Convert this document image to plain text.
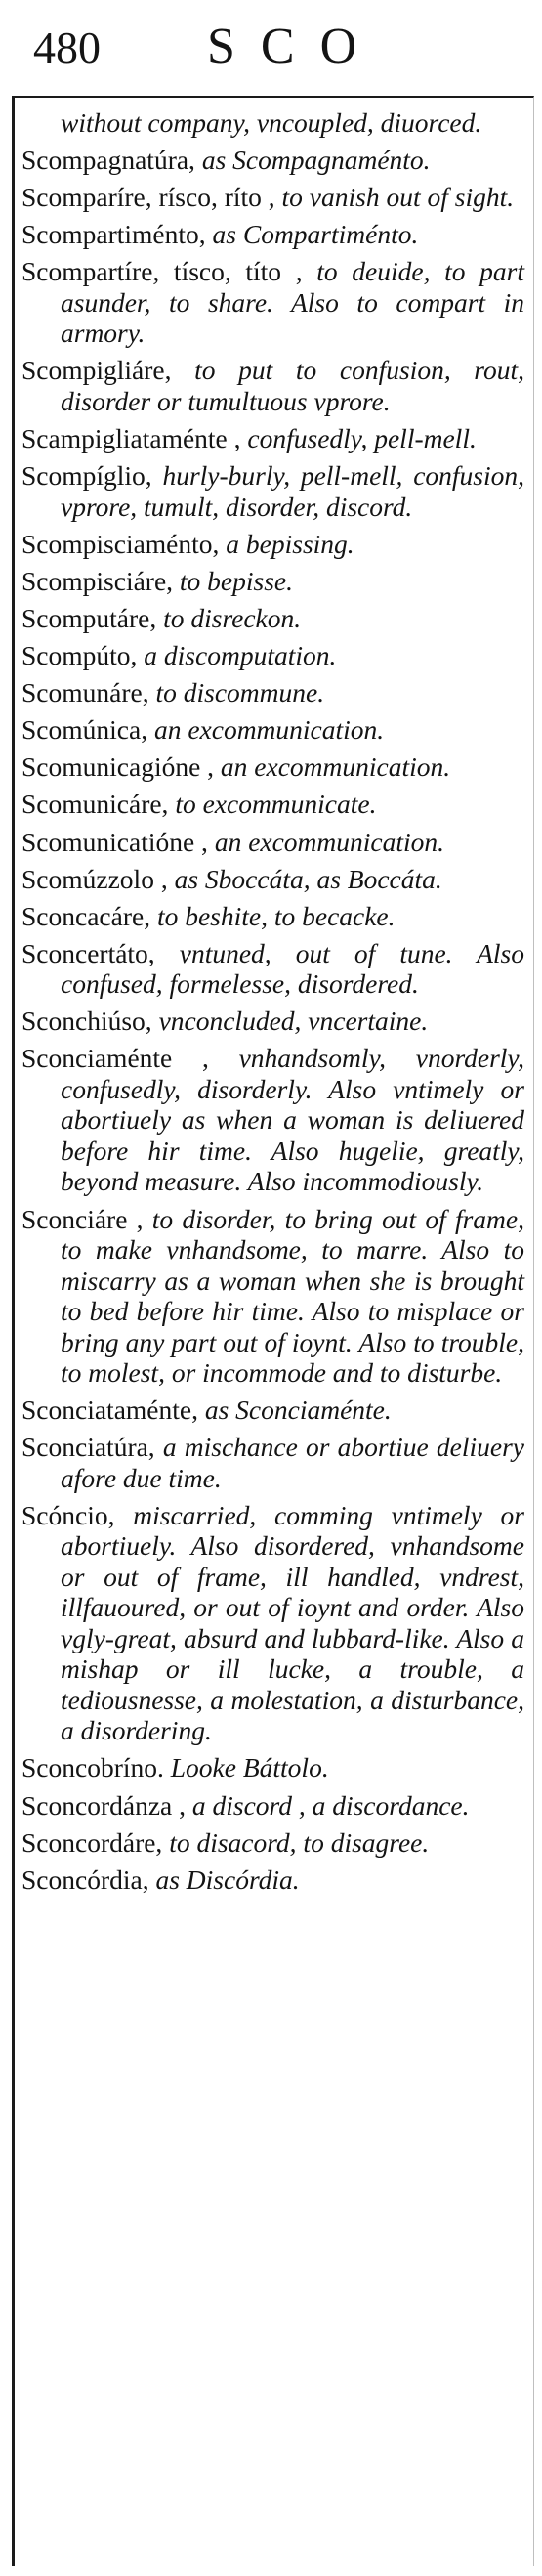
480 SCO

without company, vncoupled, diuorced.

Scompagnatúra, as Scompagnaménto.

Scomparíre, rísco, ríto , to vanish out of sight.

Scompartiménto, as Compartiménto.

Scompartíre, tísco, títo , to deuide, to part asunder, to share. Also to compart in armory.

Scompigliáre, to put to confusion, rout, disorder or tumultuous vprore.

Scampigliataménte , confusedly, pell-mell.

Scompíglio, hurly-burly, pell-mell, confusion, vprore, tumult, disorder, discord.

Scompisciaménto, a bepissing.

Scompisciáre, to bepisse.

Scomputáre, to disreckon.

Scompúto, a discomputation.

Scomunáre, to discommune.

Scomúnica, an excommunication.

Scomunicagióne , an excommunication.

Scomunicáre, to excommunicate.

Scomunicatióne , an excommunication.

Scomúzzolo , as Sboccáta, as Boccáta.

Sconcacáre, to beshite, to becacke.

Sconcertáto, vntuned, out of tune. Also confused, formelesse, disordered.

Sconchiúso, vnconcluded, vncertaine.

Sconciaménte , vnhandsomly, vnorderly, confusedly, disorderly. Also vntimely or abortiuely as when a woman is deliuered before hir time. Also hugelie, greatly, beyond measure. Also incommodiously.

Sconciáre , to disorder, to bring out of frame, to make vnhandsome, to marre. Also to miscarry as a woman when she is brought to bed before hir time. Also to misplace or bring any part out of ioynt. Also to trouble, to molest, or incommode and to disturbe.

Sconciataménte, as Sconciaménte.

Sconciatúra, a mischance or abortiue deliuery afore due time.

Scóncio, miscarried, comming vntimely or abortiuely. Also disordered, vnhandsome or out of frame, ill handled, vndrest, illfauoured, or out of ioynt and order. Also vgly-great, absurd and lubbard-like. Also a mishap or ill lucke, a trouble, a tediousnesse, a molestation, a disturbance, a disordering.

Sconcobríno. Looke Báttolo.

Sconcordánza , a discord , a discordance.

Sconcordáre, to disacord, to disagree.

Sconcórdia, as Discórdia.
